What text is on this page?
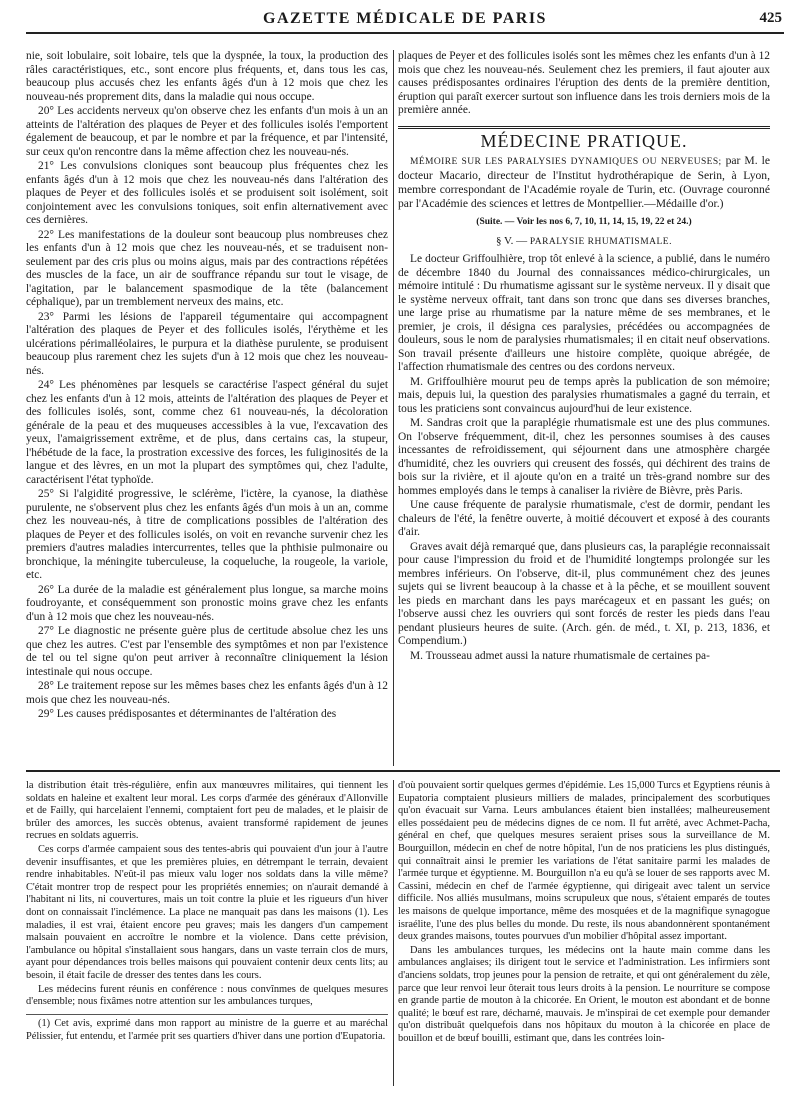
GAZETTE MÉDICALE DE PARIS	425

nie, soit lobulaire, soit lobaire, tels que la dyspnée, la toux, la production des râles caractéristiques, etc., sont encore plus fréquents, et, dans tous les cas, beaucoup plus accusés chez les enfants âgés d'un à 12 mois que chez les nouveau-nés proprement dits, dans la maladie qui nous occupe.

20° Les accidents nerveux qu'on observe chez les enfants d'un mois à un an atteints de l'altération des plaques de Peyer et des follicules isolés l'emportent également de beaucoup, et par le nombre et par la fréquence, et par l'intensité, sur ceux qu'on rencontre dans la même affection chez les nouveau-nés.

21° Les convulsions cloniques sont beaucoup plus fréquentes chez les enfants âgés d'un à 12 mois que chez les nouveau-nés dans l'altération des plaques de Peyer et des follicules isolés et se produisent soit isolément, soit conjointement avec les convulsions toniques, soit enfin alternativement avec ces dernières.

22° Les manifestations de la douleur sont beaucoup plus nombreuses chez les enfants d'un à 12 mois que chez les nouveau-nés, et se traduisent non-seulement par des cris plus ou moins aigus, mais par des contractions répétées des muscles de la face, un air de souffrance répandu sur tout le visage, de l'agitation, par le balancement spasmodique de la tête (balancement céphalique), par un tremblement nerveux des mains, etc.

23° Parmi les lésions de l'appareil tégumentaire qui accompagnent l'altération des plaques de Peyer et des follicules isolés, l'érythème et les ulcérations périmalléolaires, le purpura et la diathèse purulente, se produisent beaucoup plus rarement chez les sujets d'un à 12 mois que chez les nouveau-nés.

24° Les phénomènes par lesquels se caractérise l'aspect général du sujet chez les enfants d'un à 12 mois, atteints de l'altération des plaques de Peyer et des follicules isolés, sont, comme chez 61 nouveau-nés, la décoloration générale de la peau et des muqueuses accessibles à la vue, l'excavation des yeux, l'amaigrissement extrême, et de plus, dans certains cas, la stupeur, l'hébétude de la face, la prostration excessive des forces, les fuliginosités de la langue et des lèvres, en un mot la plupart des symptômes qui, chez l'adulte, caractérisent l'état typhoïde.

25° Si l'algidité progressive, le sclérème, l'ictère, la cyanose, la diathèse purulente, ne s'observent plus chez les enfants âgés d'un mois à un an, comme chez les nouveau-nés, à titre de complications possibles de l'altération des plaques de Peyer et des follicules isolés, on voit en revanche survenir chez les premiers d'autres maladies intercurrentes, telles que la phthisie pulmonaire ou bronchique, la méningite tuberculeuse, la coqueluche, la rougeole, la variole, etc.

26° La durée de la maladie est généralement plus longue, sa marche moins foudroyante, et conséquemment son pronostic moins grave chez les enfants d'un à 12 mois que chez les nouveau-nés.

27° Le diagnostic ne présente guère plus de certitude absolue chez les uns que chez les autres. C'est par l'ensemble des symptômes et non par l'existence de tel ou tel signe qu'on peut arriver à reconnaître cliniquement la lésion intestinale qui nous occupe.

28° Le traitement repose sur les mêmes bases chez les enfants âgés d'un à 12 mois que chez les nouveau-nés.

29° Les causes prédisposantes et déterminantes de l'altération des

plaques de Peyer et des follicules isolés sont les mêmes chez les enfants d'un à 12 mois que chez les nouveau-nés. Seulement chez les premiers, il faut ajouter aux causes prédisposantes ordinaires l'éruption des dents de la première dentition, éruption qui paraît exercer surtout son influence dans les trois derniers mois de la première année.

MÉDECINE PRATIQUE.

MÉMOIRE SUR LES PARALYSIES DYNAMIQUES OU NERVEUSES; par M. le docteur Macario, directeur de l'Institut hydrothérapique de Serin, à Lyon, membre correspondant de l'Académie royale de Turin, etc. (Ouvrage couronné par l'Académie des sciences et lettres de Montpellier.—Médaille d'or.)

(Suite. — Voir les nos 6, 7, 10, 11, 14, 15, 19, 22 et 24.)
§ V. — PARALYSIE RHUMATISMALE.

Le docteur Griffoulhière, trop tôt enlevé à la science, a publié, dans le numéro de décembre 1840 du Journal des connaissances médico-chirurgicales, un mémoire intitulé : Du rhumatisme agissant sur le système nerveux. Il y disait que le système nerveux offrait, tant dans son tronc que dans ses diverses branches, une large prise au rhumatisme par la nature même de ses membranes, et le premier, je crois, il désigna ces paralysies, précédées ou accompagnées de douleurs, sous le nom de paralysies rhumatismales; il en citait neuf observations. Son travail présente d'ailleurs une histoire complète, quoique abrégée, de l'affection rhumatismale des centres ou des cordons nerveux.

M. Griffoulhière mourut peu de temps après la publication de son mémoire; mais, depuis lui, la question des paralysies rhumatismales a gagné du terrain, et tous les praticiens sont convaincus aujourd'hui de leur existence.

M. Sandras croit que la paraplégie rhumatismale est une des plus communes. On l'observe fréquemment, dit-il, chez les personnes soumises à des causes incessantes de refroidissement, qui séjournent dans une atmosphère chargée d'humidité, chez les ouvriers qui creusent des fossés, qui déchirent des trains de bois sur la rivière, et il ajoute qu'on en a traité un très-grand nombre sur des hommes employés dans le temps à canaliser la rivière de Bièvre, près Paris.

Une cause fréquente de paralysie rhumatismale, c'est de dormir, pendant les chaleurs de l'été, la fenêtre ouverte, à moitié découvert et exposé à des courants d'air.

Graves avait déjà remarqué que, dans plusieurs cas, la paraplégie reconnaissait pour cause l'impression du froid et de l'humidité longtemps prolongée sur les membres inférieurs. On l'observe, dit-il, plus communément chez des jeunes sujets qui se livrent beaucoup à la chasse et à la pêche, et se mouillent souvent les pieds en marchant dans les pays marécageux et en passant les gués; on l'observe aussi chez les ouvriers qui sont forcés de rester les pieds dans l'eau pendant plusieurs heures de suite. (Arch. gén. de méd., t. XI, p. 213, 1836, et Compendium.)

M. Trousseau admet aussi la nature rhumatismale de certaines pa-

la distribution était très-régulière, enfin aux manœuvres militaires, qui tiennent les soldats en haleine et exaltent leur moral. Les corps d'armée des généraux d'Allonville et de Failly, qui harcelaient l'ennemi, comptaient fort peu de malades, et le plaisir de brûler des amorces, les succès obtenus, avaient transformé rapidement de jeunes recrues en soldats aguerris.

Ces corps d'armée campaient sous des tentes-abris qui pouvaient d'un jour à l'autre devenir insuffisantes, et que les premières pluies, en détrempant le terrain, devaient rendre inhabitables. N'eût-il pas mieux valu loger nos soldats dans la ville même? C'était montrer trop de respect pour les propriétés ennemies; on n'aurait demandé à l'habitant ni lits, ni couvertures, mais un toit contre la pluie et les rigueurs d'un hiver dont on connaissait l'inclémence. La place ne manquait pas dans les maisons (1). Les maladies, il est vrai, étaient encore peu graves; mais les dangers d'un campement malsain pouvaient en accroître le nombre et la violence. Dans cette prévision, l'ambulance ou hôpital s'installaient sous hangars, dans un vaste terrain clos de murs, ayant pour dépendances trois belles maisons qui pouvaient contenir deux cents lits; au besoin, il était facile de dresser des tentes dans les cours.

Les médecins furent réunis en conférence : nous convînmes de quelques mesures d'ensemble; nous fixâmes notre attention sur les ambulances turques,

(1) Cet avis, exprimé dans mon rapport au ministre de la guerre et au maréchal Pélissier, fut entendu, et l'armée prit ses quartiers d'hiver dans une portion d'Eupatoria.

d'où pouvaient sortir quelques germes d'épidémie. Les 15,000 Turcs et Égyptiens réunis à Eupatoria comptaient plusieurs milliers de malades, principalement des scorbutiques qu'on évacuait sur Varna. Leurs ambulances étaient bien installées; malheureusement elles possédaient peu de médecins dignes de ce nom. Il fut arrêté, avec Achmet-Pacha, général en chef, que quelques mesures seraient prises sous la surveillance de M. Bourguillon, médecin en chef de notre hôpital, l'un de nos praticiens les plus distingués, qui connaîtrait ainsi le premier les variations de l'état sanitaire parmi les malades de l'armée turque et égyptienne. M. Bourguillon n'a eu qu'à se louer de ses rapports avec M. Cassini, médecin en chef de l'armée égyptienne, qui dirigeait avec talent un service difficile. Nos alliés musulmans, moins scrupuleux que nous, s'étaient emparés de toutes les maisons de quelque importance, même des mosquées et de la magnifique synagogue israélite, l'une des plus belles du monde. Du reste, ils nous abandonnèrent spontanément deux grandes maisons, toutes pourvues d'un mobilier d'hôpital assez important.

Dans les ambulances turques, les médecins ont la haute main comme dans les ambulances anglaises; ils dirigent tout le service et l'administration. Les infirmiers sont d'anciens soldats, trop jeunes pour la pension de retraite, et qui ont généralement du zèle, parce que leur renvoi leur ôterait tous leurs droits à la pension. Le nourriture se compose en grande partie de mouton à la chicorée. En Orient, le mouton est abondant et de bonne qualité; le bœuf est rare, décharné, mauvais. Je m'inspirai de cet exemple pour demander qu'on distribuât quelquefois dans nos hôpitaux du mouton à la chicorée en place de bouillon et de bœuf bouilli, estimant que, dans les contrées loin-
